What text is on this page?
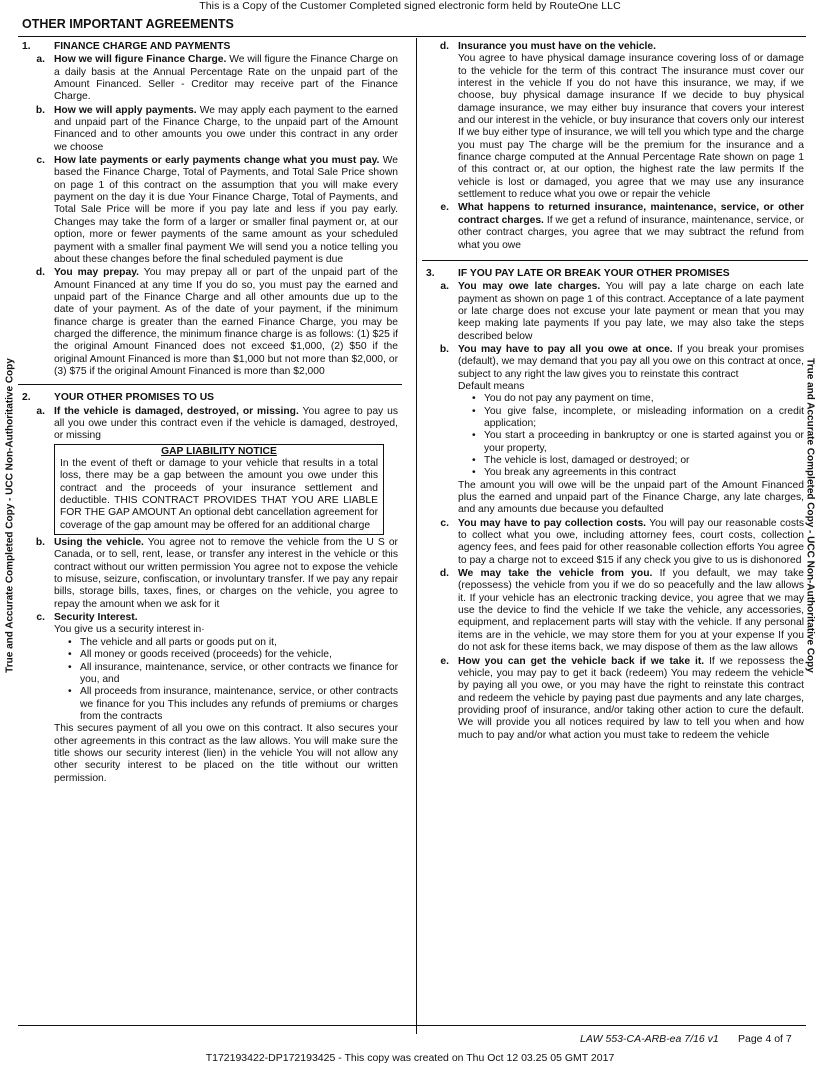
This is a Copy of the Customer Completed signed electronic form held by RouteOne LLC
OTHER IMPORTANT AGREEMENTS
True and Accurate Completed Copy - UCC Non-Authoritative Copy	True and Accurate Completed Copy - UCC Non-Authoritative Copy
1.	FINANCE CHARGE AND PAYMENTS
a. How we will figure Finance Charge. We will figure the Finance Charge on a daily basis at the Annual Percentage Rate on the unpaid part of the Amount Financed. Seller - Creditor may receive part of the Finance Charge.
b. How we will apply payments. We may apply each payment to the earned and unpaid part of the Finance Charge, to the unpaid part of the Amount Financed and to other amounts you owe under this contract in any order we choose
c. How late payments or early payments change what you must pay. We based the Finance Charge, Total of Payments, and Total Sale Price shown on page 1 of this contract on the assumption that you will make every payment on the day it is due Your Finance Charge, Total of Payments, and Total Sale Price will be more if you pay late and less if you pay early. Changes may take the form of a larger or smaller final payment or, at our option, more or fewer payments of the same amount as your scheduled payment with a smaller final payment We will send you a notice telling you about these changes before the final scheduled payment is due
d. You may prepay. You may prepay all or part of the unpaid part of the Amount Financed at any time If you do so, you must pay the earned and unpaid part of the Finance Charge and all other amounts due up to the date of your payment. As of the date of your payment, if the minimum finance charge is greater than the earned Finance Charge, you may be charged the difference, the minimum finance charge is as follows: (1) $25 if the original Amount Financed does not exceed $1,000, (2) $50 if the original Amount Financed is more than $1,000 but not more than $2,000, or (3) $75 if the original Amount Financed is more than $2,000
2.	YOUR OTHER PROMISES TO US
a. If the vehicle is damaged, destroyed, or missing. You agree to pay us all you owe under this contract even if the vehicle is damaged, destroyed, or missing
GAP LIABILITY NOTICE
In the event of theft or damage to your vehicle that results in a total loss, there may be a gap between the amount you owe under this contract and the proceeds of your insurance settlement and deductible. THIS CONTRACT PROVIDES THAT YOU ARE LIABLE FOR THE GAP AMOUNT An optional debt cancellation agreement for coverage of the gap amount may be offered for an additional charge
b. Using the vehicle. You agree not to remove the vehicle from the U S or Canada, or to sell, rent, lease, or transfer any interest in the vehicle or this contract without our written permission You agree not to expose the vehicle to misuse, seizure, confiscation, or involuntary transfer. If we pay any repair bills, storage bills, taxes, fines, or charges on the vehicle, you agree to repay the amount when we ask for it
c. Security Interest.
You give us a security interest in·
• The vehicle and all parts or goods put on it,
• All money or goods received (proceeds) for the vehicle,
• All insurance, maintenance, service, or other contracts we finance for you, and
• All proceeds from insurance, maintenance, service, or other contracts we finance for you This includes any refunds of premiums or charges from the contracts
This secures payment of all you owe on this contract. It also secures your other agreements in this contract as the law allows. You will make sure the title shows our security interest (lien) in the vehicle You will not allow any other security interest to be placed on the title without our written permission.
d. Insurance you must have on the vehicle.
You agree to have physical damage insurance covering loss of or damage to the vehicle for the term of this contract The insurance must cover our interest in the vehicle If you do not have this insurance, we may, if we choose, buy physical damage insurance If we decide to buy physical damage insurance, we may either buy insurance that covers your interest and our interest in the vehicle, or buy insurance that covers only our interest If we buy either type of insurance, we will tell you which type and the charge you must pay The charge will be the premium for the insurance and a finance charge computed at the Annual Percentage Rate shown on page 1 of this contract or, at our option, the highest rate the law permits If the vehicle is lost or damaged, you agree that we may use any insurance settlement to reduce what you owe or repair the vehicle
e. What happens to returned insurance, maintenance, service, or other contract charges. If we get a refund of insurance, maintenance, service, or other contract charges, you agree that we may subtract the refund from what you owe
3.	IF YOU PAY LATE OR BREAK YOUR OTHER PROMISES
a. You may owe late charges. You will pay a late charge on each late payment as shown on page 1 of this contract. Acceptance of a late payment or late charge does not excuse your late payment or mean that you may keep making late payments If you pay late, we may also take the steps described below
b. You may have to pay all you owe at once. If you break your promises (default), we may demand that you pay all you owe on this contract at once, subject to any right the law gives you to reinstate this contract
Default means
• You do not pay any payment on time,
• You give false, incomplete, or misleading information on a credit application;
• You start a proceeding in bankruptcy or one is started against you or your property,
• The vehicle is lost, damaged or destroyed; or
• You break any agreements in this contract
The amount you will owe will be the unpaid part of the Amount Financed plus the earned and unpaid part of the Finance Charge, any late charges, and any amounts due because you defaulted
c. You may have to pay collection costs. You will pay our reasonable costs to collect what you owe, including attorney fees, court costs, collection agency fees, and fees paid for other reasonable collection efforts You agree to pay a charge not to exceed $15 if any check you give to us is dishonored
d. We may take the vehicle from you. If you default, we may take (repossess) the vehicle from you if we do so peacefully and the law allows it. If your vehicle has an electronic tracking device, you agree that we may use the device to find the vehicle If we take the vehicle, any accessories, equipment, and replacement parts will stay with the vehicle. If any personal items are in the vehicle, we may store them for you at your expense If you do not ask for these items back, we may dispose of them as the law allows
e. How you can get the vehicle back if we take it. If we repossess the vehicle, you may pay to get it back (redeem) You may redeem the vehicle by paying all you owe, or you may have the right to reinstate this contract and redeem the vehicle by paying past due payments and any late charges, providing proof of insurance, and/or taking other action to cure the default. We will provide you all notices required by law to tell you when and how much to pay and/or what action you must take to redeem the vehicle
LAW 553-CA-ARB-ea 7/16 v1 Page 4 of 7
T172193422-DP172193425 - This copy was created on Thu Oct 12 03.25 05 GMT 2017
